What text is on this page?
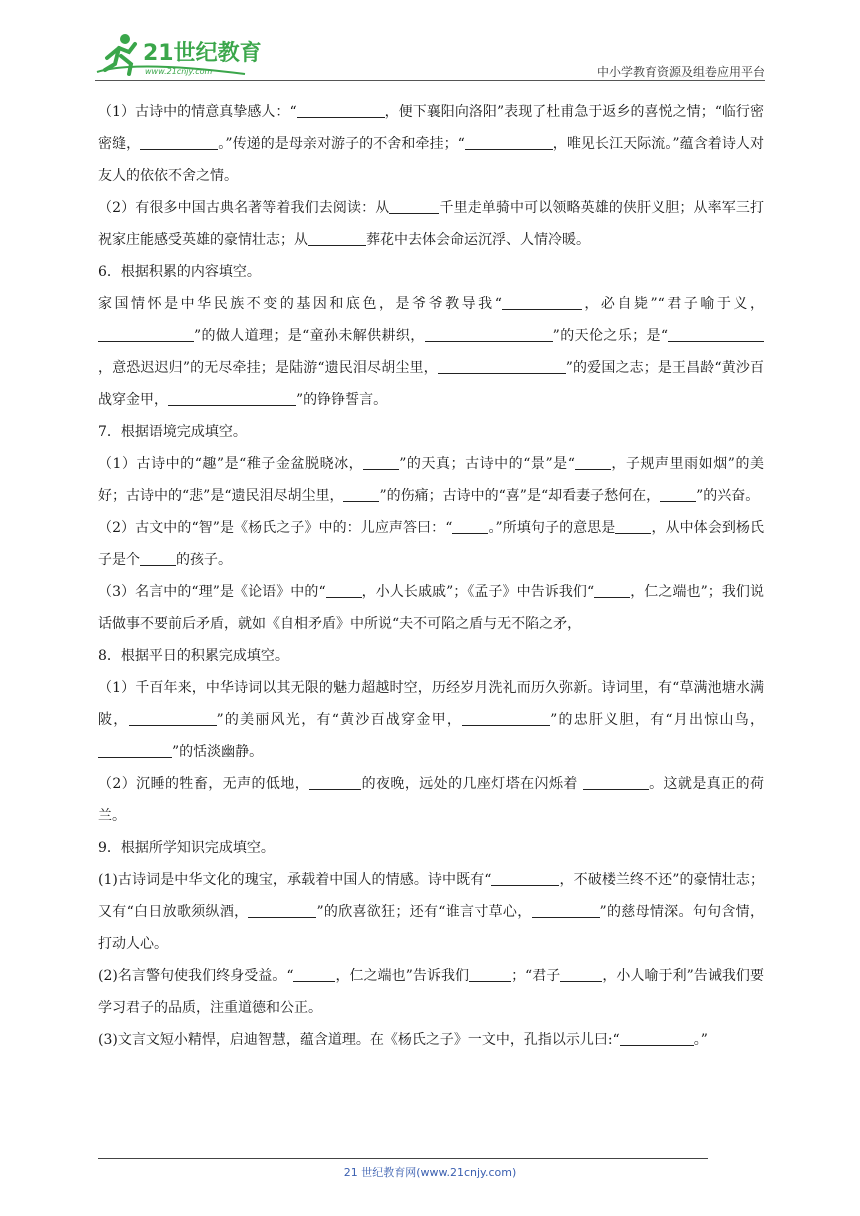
21世纪教育
www.21cnjy.com	中小学教育资源及组卷应用平台

（1）古诗中的情意真挚感人：“	，便下襄阳向洛阳”表现了杜甫急于返乡的喜悦之情；“临行密密缝，	。”传递的是母亲对游子的不舍和牵挂；“	，唯见长江天际流。”蕴含着诗人对友人的依依不舍之情。

（2）有很多中国古典名著等着我们去阅读：从	千里走单骑中可以领略英雄的侠肝义胆；从率军三打祝家庄能感受英雄的豪情壮志；从	葬花中去体会命运沉浮、人情冷暖。

6．根据积累的内容填空。

家国情怀是中华民族不变的基因和底色，是爷爷教导我“	，必自毙”“君子喻于义，”的做人道理；是“童孙未解供耕织，	”的天伦之乐；是“，意恐迟迟归”的无尽牵挂；是陆游“遗民泪尽胡尘里，	”的爱国之志；是王昌龄“黄沙百战穿金甲，	”的铮铮誓言。

7．根据语境完成填空。

（1）古诗中的“趣”是“稚子金盆脱晓冰，	”的天真；古诗中的“景”是“	，子规声里雨如烟”的美好；古诗中的“悲”是“遗民泪尽胡尘里，	”的伤痛；古诗中的“喜”是“却看妻子愁何在，	”的兴奋。

（2）古文中的“智”是《杨氏之子》中的：儿应声答曰：“	。”所填句子的意思是	，从中体会到杨氏子是个	的孩子。

（3）名言中的“理”是《论语》中的“	，小人长戚戚”；《孟子》中告诉我们“	，仁之端也”；我们说话做事不要前后矛盾，就如《自相矛盾》中所说“夫不可陷之盾与无不陷之矛，

8．根据平日的积累完成填空。

（1）千百年来，中华诗词以其无限的魅力超越时空，历经岁月洗礼而历久弥新。诗词里，有“草满池塘水满陂，	”的美丽风光，有“黄沙百战穿金甲，	”的忠肝义胆，有“月出惊山鸟，”的恬淡幽静。

（2）沉睡的牲畜，无声的低地，	的夜晚，远处的几座灯塔在闪烁着	。这就是真正的荷兰。

9．根据所学知识完成填空。

(1)古诗词是中华文化的瑰宝，承载着中国人的情感。诗中既有“	，不破楼兰终不还”的豪情壮志；又有“白日放歌须纵酒，	”的欣喜欲狂；还有“谁言寸草心，	”的慈母情深。句句含情，打动人心。

(2)名言警句使我们终身受益。“	，仁之端也”告诉我们	；“君子	，小人喻于利”告诫我们要学习君子的品质，注重道德和公正。

(3)文言文短小精悍，启迪智慧，蕴含道理。在《杨氏之子》一文中，孔指以示儿曰:“	。”

21 世纪教育网(www.21cnjy.com)
